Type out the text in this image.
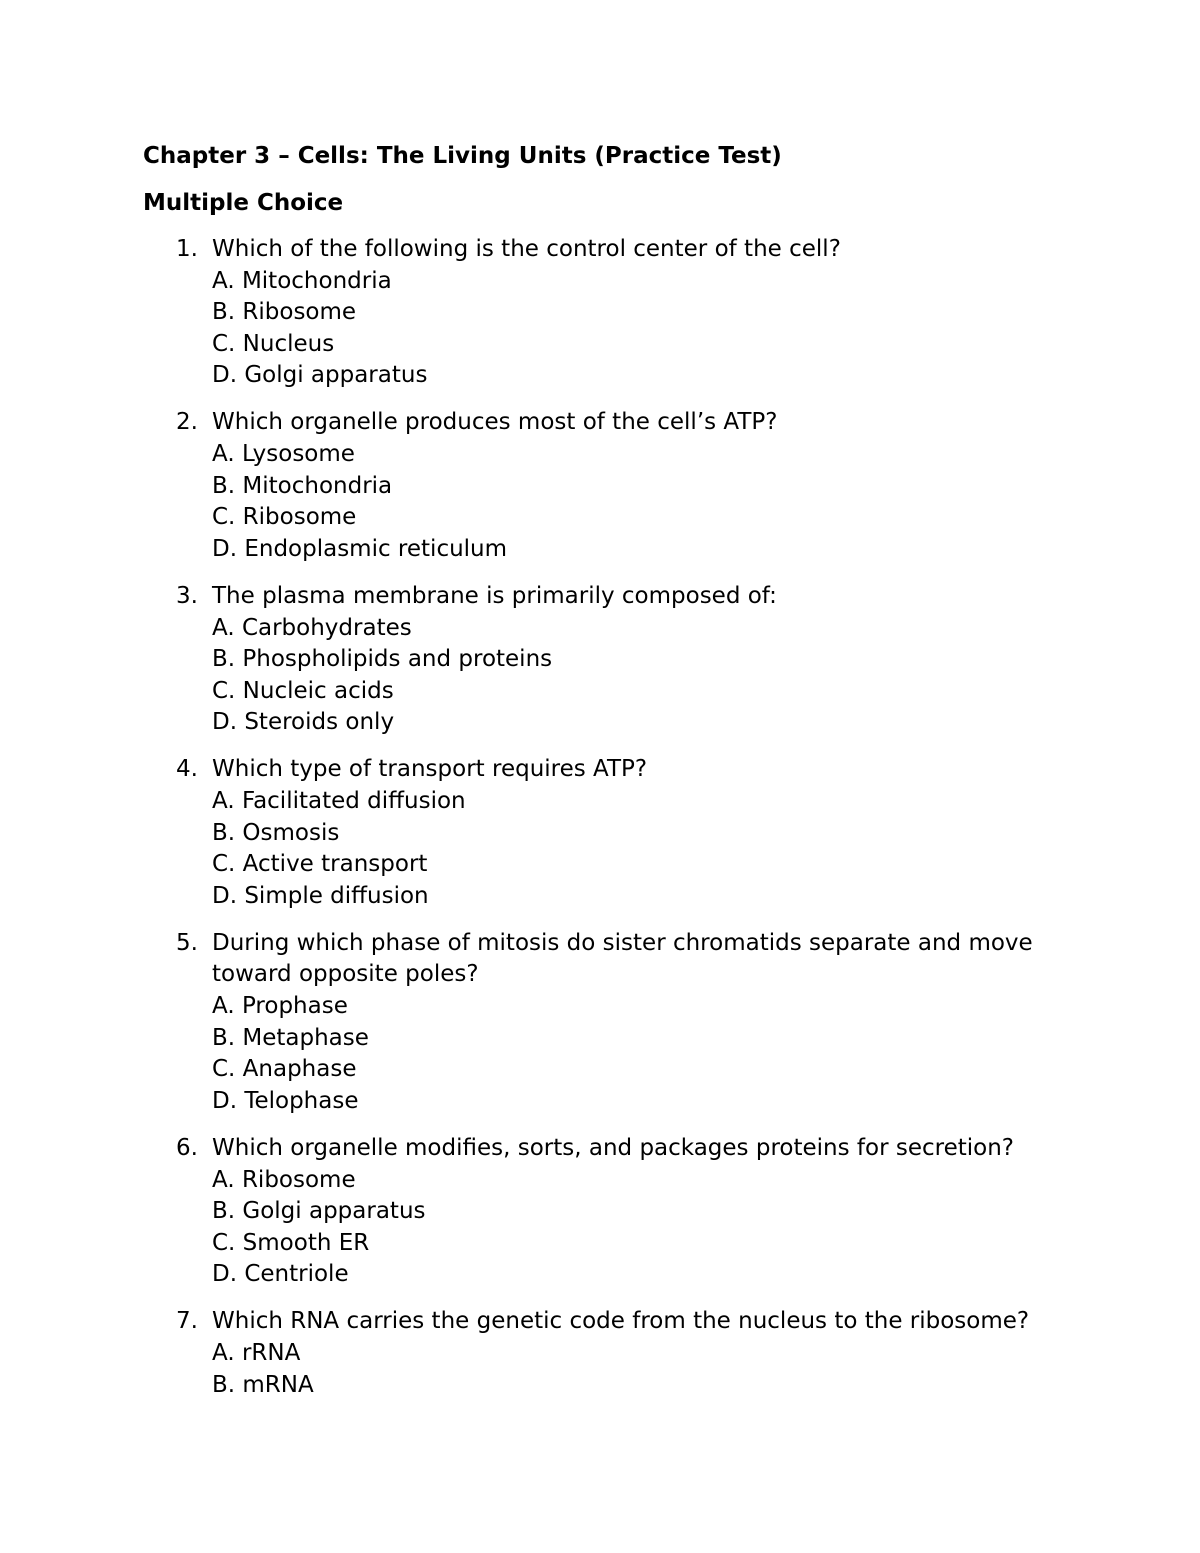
Chapter 3 – Cells: The Living Units (Practice Test)
Multiple Choice
1. Which of the following is the control center of the cell?
A. Mitochondria
B. Ribosome
C. Nucleus
D. Golgi apparatus
2. Which organelle produces most of the cell’s ATP?
A. Lysosome
B. Mitochondria
C. Ribosome
D. Endoplasmic reticulum
3. The plasma membrane is primarily composed of:
A. Carbohydrates
B. Phospholipids and proteins
C. Nucleic acids
D. Steroids only
4. Which type of transport requires ATP?
A. Facilitated diffusion
B. Osmosis
C. Active transport
D. Simple diffusion
5. During which phase of mitosis do sister chromatids separate and move toward opposite poles?
A. Prophase
B. Metaphase
C. Anaphase
D. Telophase
6. Which organelle modifies, sorts, and packages proteins for secretion?
A. Ribosome
B. Golgi apparatus
C. Smooth ER
D. Centriole
7. Which RNA carries the genetic code from the nucleus to the ribosome?
A. rRNA
B. mRNA
